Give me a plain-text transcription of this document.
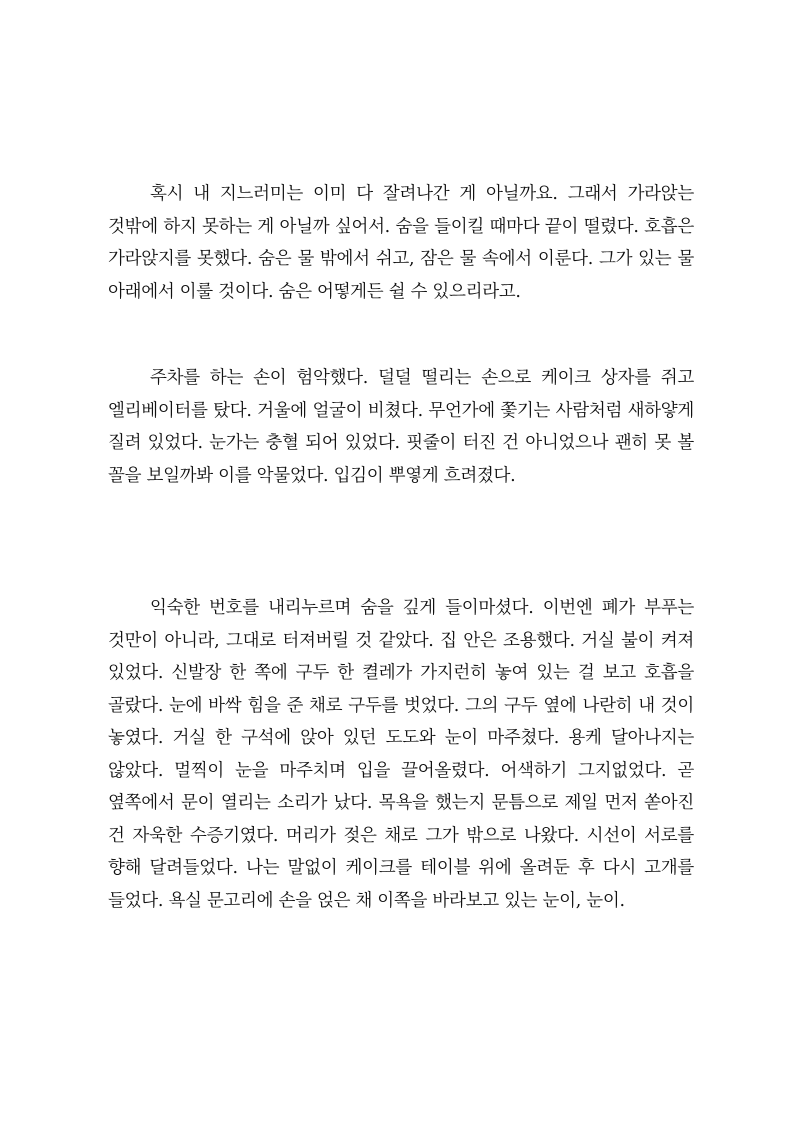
혹시 내 지느러미는 이미 다 잘려나간 게 아닐까요. 그래서 가라앉는 것밖에 하지 못하는 게 아닐까 싶어서. 숨을 들이킬 때마다 끝이 떨렸다. 호흡은 가라앉지를 못했다. 숨은 물 밖에서 쉬고, 잠은 물 속에서 이룬다. 그가 있는 물 아래에서 이룰 것이다. 숨은 어떻게든 쉴 수 있으리라고.

주차를 하는 손이 험악했다. 덜덜 떨리는 손으로 케이크 상자를 쥐고 엘리베이터를 탔다. 거울에 얼굴이 비쳤다. 무언가에 쫓기는 사람처럼 새하얗게 질려 있었다. 눈가는 충혈 되어 있었다. 핏줄이 터진 건 아니었으나 괜히 못 볼 꼴을 보일까봐 이를 악물었다. 입김이 뿌옇게 흐려졌다.

익숙한 번호를 내리누르며 숨을 깊게 들이마셨다. 이번엔 폐가 부푸는 것만이 아니라, 그대로 터져버릴 것 같았다. 집 안은 조용했다. 거실 불이 켜져 있었다. 신발장 한 쪽에 구두 한 켤레가 가지런히 놓여 있는 걸 보고 호흡을 골랐다. 눈에 바싹 힘을 준 채로 구두를 벗었다. 그의 구두 옆에 나란히 내 것이 놓였다. 거실 한 구석에 앉아 있던 도도와 눈이 마주쳤다. 용케 달아나지는 않았다. 멀찍이 눈을 마주치며 입을 끌어올렸다. 어색하기 그지없었다. 곧 옆쪽에서 문이 열리는 소리가 났다. 목욕을 했는지 문틈으로 제일 먼저 쏟아진 건 자욱한 수증기였다. 머리가 젖은 채로 그가 밖으로 나왔다. 시선이 서로를 향해 달려들었다. 나는 말없이 케이크를 테이블 위에 올려둔 후 다시 고개를 들었다. 욕실 문고리에 손을 얹은 채 이쪽을 바라보고 있는 눈이, 눈이.
